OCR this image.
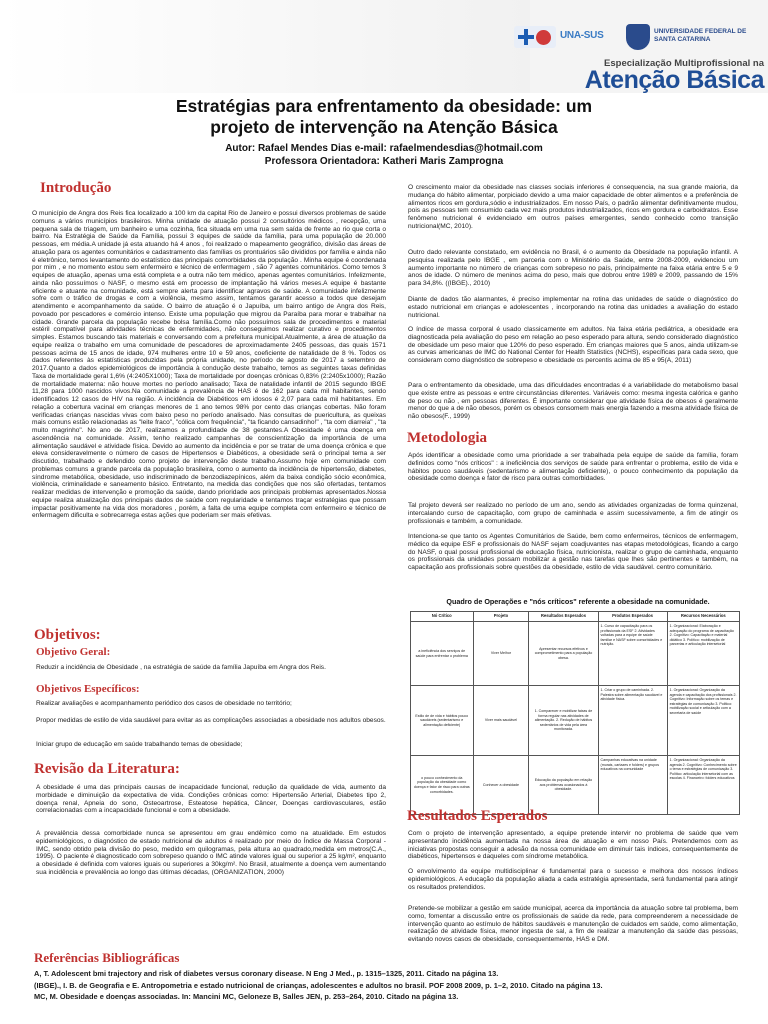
UNA-SUS	UNIVERSIDADE FEDERAL DE SANTA CATARINA
Especialização Multiprofissional na
Atenção Básica
Estratégias para enfrentamento da obesidade: um
projeto de intervenção na Atenção Básica
Autor: Rafael Mendes Dias e-mail: rafaelmendesdias@hotmail.com
Professora Orientadora: Katheri Maris Zamprogna
Introdução
O município de Angra dos Reis fica localizado a 100 km da capital Rio de Janeiro e possui diversos problemas de saúde comuns a vários municípios brasileiros. Minha unidade de atuação possui 2 consultórios médicos , recepção, uma pequena sala de triagem, um banheiro e uma cozinha, fica situada em uma rua sem saída de frente ao rio que corta o bairro. Na Estratégia de Saúde da Família, possui 3 equipes de saúde da família, para uma população de 20.000 pessoas, em média.A unidade já esta atuando há 4 anos , foi realizado o mapeamento geográfico, divisão das áreas de atuação para os agentes comunitários e cadastramento das famílias os prontuários são divididos por família e ainda não é eletrônico, temos levantamento do estatístico das principais comorbidades da população . Minha equipe é coordenada por mim , e no momento estou sem enfermeiro e técnico de enfermagem , são 7 agentes comunitários. Como temos 3 equipes de atuação, apenas uma está completa e a outra não tem médico, apenas agentes comunitários. Infelizmente, ainda não possuímos o NASF, o mesmo está em processo de implantação há vários meses.A equipe é bastante eficiente e atuante na comunidade, está sempre alerta para identificar agravos de saúde. A comunidade infelizmente sofre com o tráfico de drogas e com a violência, mesmo assim, tentamos garantir acesso a todos que desejam atendimento e acompanhamento da saúde. O bairro de atuação é o Japuíba, um bairro antigo de Angra dos Reis, povoado por pescadores e comércio intenso. Existe uma população que migrou da Paraíba para morar e trabalhar na cidade. Grande parcela da população recebe bolsa família.Como não possuímos sala de procedimentos e material estéril compatível para atividades técnicas de enfermidades, não conseguimos realizar curativo e procedimentos simples. Estamos buscando tais materiais e conversando com a prefeitura municipal.Atualmente, a área de atuação da equipe realiza o trabalho em uma comunidade de pescadores de aproximadamente 2405 pessoas, das quais 1571 pessoas acima de 15 anos de idade, 974 mulheres entre 10 e 59 anos, coeficiente de natalidade de 8 %. Todos os dados referentes às estatísticas produzidas pela própria unidade, no período de agosto de 2017 a setembro de 2017.Quanto a dados epidemiológicos de importância à condução deste trabalho, temos as seguintes taxas definidas Taxa de mortalidade geral 1,6% (4:2405X1000); Taxa de mortalidade por doenças crônicas 0,83% (2:2405x1000); Razão de mortalidade materna: não houve mortes no período analisado; Taxa de natalidade infantil de 2015 segundo IBGE 11,28 para 1000 nascidos vivos.Na comunidade a prevalência de HAS é de 162 para cada mil habitantes, sendo identificados 12 casos de HIV na região. A incidência de Diabéticos em idosos é 2,07 para cada mil habitantes. Em relação a cobertura vacinal em crianças menores de 1 ano temos 98% por cento das crianças cobertas. Não foram verificadas crianças nascidas vivas com baixo peso no período analisado. Nas consultas de puericultura, as queixas mais comuns estão relacionadas as "leite fraco", "cólica com frequência", "ta ficando cansadinho!" , "ta com diarreia" , "ta muito magrinho". No ano de 2017, realizamos a profundidade de 38 gestantes.A Obesidade é uma doença em ascendência na comunidade. Assim, tenho realizado campanhas de conscientização da importância de uma alimentação saudável e atividade física. Devido ao aumento da incidência e por se tratar de uma doença crônica e que eleva consideravelmente o número de casos de Hipertensos e Diabéticos, a obesidade será o principal tema a ser discutido, trabalhado e defendido como projeto de intervenção deste trabalho.Assumo hoje em comunidade com problemas comuns a grande parcela da população brasileira, como o aumento da incidência de hipertensão, diabetes, síndrome metabólica, obesidade, uso indiscriminado de benzodiazepínicos, além da baixa condição sócio econômica, violência, criminalidade e saneamento básico. Entretanto, na medida das condições que nos são ofertadas, tentamos realizar medidas de intervenção e promoção da saúde, dando prioridade aos principais problemas apresentados.Nossa equipe realiza atualização dos principais dados de saúde com regularidade e tentamos traçar estratégias que possam impactar positivamente na vida dos moradores , porém, a falta de uma equipe completa com enfermeiro e técnico de enfermagem dificulta e sobrecarrega estas ações que poderiam ser mais efetivas.
Objetivos:
Objetivo Geral:
Reduzir a incidência de Obesidade , na estratégia de saúde da família Japuíba em Angra dos Reis.
Objetivos Específicos:
Realizar avaliações e acompanhamento periódico dos casos de obesidade no território;
Propor medidas de estilo de vida saudável para evitar as as complicações associadas a obesidade nos adultos obesos.
Iniciar grupo de educação em saúde trabalhando temas de obesidade;
Revisão da Literatura:
A obesidade é uma das principais causas de incapacidade funcional, redução da qualidade de vida, aumento da morbidade e diminuição da expectativa de vida. Condições crônicas como: Hipertensão Arterial, Diabetes tipo 2, doença renal, Apneia do sono, Osteoartrose, Esteatose hepática, Câncer, Doenças cardiovasculares, estão correlacionadas com a incapacidade funcional e com a obesidade.
A prevalência dessa comorbidade nunca se apresentou em grau endêmico como na atualidade. Em estudos epidemiológicos, o diagnóstico de estado nutricional de adultos é realizado por meio do Índice de Massa Corporal - IMC, sendo obtido pela divisão do peso, medido em quilogramas, pela altura ao quadrado,medida em metros(C.A., 1995). O paciente é diagnosticado com sobrepeso quando o IMC atinde valores igual ou superior a 25 kg/m², enquanto a obesidade é definida com valores iguais ou superiores a 30kg/m². No Brasil, atualmente a doença vem aumentando sua incidência e prevalência ao longo das últimas décadas, (ORGANIZATION, 2000)
Referências Bibliográficas
A, T. Adolescent bmi trajectory and risk of diabetes versus coronary disease. N Eng J Med., p. 1315–1325, 2011. Citado na página 13.
(IBGE)., I. B. de Geografia e E. Antropometria e estado nutricional de crianças, adolescentes e adultos no brasil. POF 2008 2009, p. 1–2, 2010. Citado na página 13.
MC, M. Obesidade e doenças associadas. In: Mancini MC, Geloneze B, Salles JEN, p. 253–264, 2010. Citado na página 13.
O crescimento maior da obesidade nas classes sociais inferiores é consequencia, na sua grande maioria, da mudança do hábito alimentar, porpiciado devido a uma maior capacidade de obter alimentos e a preferência de alimentos ricos em gordura,sódio e industrializados. Em nosso País, o padrão alimentar definitivamente mudou, pois as pessoas tem consumido cada vez mais produtos industrializados, ricos em gordura e carboidratos. Esse fenômeno nutricional é evidenciado em outros países emergentes, sendo conhecido como transição nutricional(MC, 2010).
Outro dado relevante constatado, em evidência no Brasil, é o aumento da Obesidade na população infantil. A pesquisa realizada pelo IBGE , em parceria com o Ministério da Saúde, entre 2008-2009, evidenciou um aumento importante no número de crianças com sobrepeso no país, principalmente na faixa etária entre 5 e 9 anos de idade. O número de meninos acima do peso, mais que dobrou entre 1989 e 2009, passando de 15% para 34,8%. ((IBGE)., 2010)
Diante de dados tão alarmantes, é preciso implementar na rotina das unidades de saúde o diagnóstico do estado nutricional em crianças e adolescentes , incorporando na rotina das unidades a avaliação do estado nutricional.
O índice de massa corporal é usado classicamente em adultos. Na faixa etária pediátrica, a obesidade era diagnosticada pela avaliação do peso em relação ao peso esperado para altura, sendo considerado diagnóstico de obesidade um peso maior que 120% do peso esperado. Em crianças maiores que 5 anos, ainda utilizam-se as curvas americanas de IMC do National Center for Health Statistics (NCHS), específicas para cada sexo, que consideram como diagnóstico de sobrepeso e obesidade os percentis acima de 85 e 95(A, 2011)
Para o enfrentamento da obesidade, uma das dificuldades encontradas é a variabilidade do metabolismo basal que existe entre as pessoas e entre circunstâncias diferentes. Variáveis como: mesma ingesta calórica e ganho de peso ou não , em pessoas diferentes. É importante considerar que atividade física de obesos é geralmente menor do que a de não obesos, porém os obesos consomem mais energia fazendo a mesma atividade física de não obesos(F., 1999)
Metodologia
Após identificar a obesidade como uma prioridade a ser trabalhada pela equipe de saúde da família, foram definidos como "nós críticos" : a ineficiência dos serviços de saúde para enfrentar o problema, estilo de vida e hábitos pouco saudáveis (sedentarismo e alimentação deficiente), o pouco conhecimento da população da obesidade como doença e fator de risco para outras comorbidades.
Tal projeto deverá ser realizado no período de um ano, sendo as atividades organizadas de forma quinzenal, intercalando curso de capacitação, com grupo de caminhada e assim sucessivamente, a fim de atingir os profissionais e também, a comunidade.
Intenciona-se que tanto os Agentes Comunitários de Saúde, bem como enfermeiros, técnicos de enfermagem, médico da equipe ESF e profissionais do NASF sejam coadjuvantes nas etapas metodológicas, ficando a cargo do NASF, o qual possui profissional de educação física, nutricionista, realizar o grupo de caminhada, enquanto os profissionais da unidades possam mobilizar a gestão nas tarefas que lhes são pertinentes e também, na capacitação aos profissionais sobre questões da obesidade, estilo de vida saudável. centro comunitário.
Quadro de Operações e "nós críticos" referente a obesidade na comunidade.
Nó Crítico	Projeto	Resultados Esperados	Produtos Esperados	Recursos Necessários
a ineficiência dos serviços de saúde para enfrentar o problema	Viver Melhor	Apresentar recursos efetivos e comprometimento para a população obesa.	1. Curso de capacitação para os profissionais da ESF 2. Atividades voltadas para a equipe de saúde familiar e NASF sobre comorbidades e nutrição.	1. Organizacional: Elaboração e adequação do programa de capacitação 2. Cognitivo: Capacitação e material didático 3. Político: mobilização de parcerias e articulação intersetorial
Estilo de de vida e hábitos pouco saudáveis (sedentarismo e alimentação deficiente)	Viver mais saudável	1. Comparecer e mobilizar faixas de forma regular nas atividades de alimentação. 2. Redução de hábitos sedentários de vida pela área monitorada.	1. Criar o grupo de caminhada. 2. Palestra sobre alimentação saudável e atividade física.	1. Organizacional: Organização da agenda e capacitação dos profissionais 2. Cognitivo: Informação sobre os temas e estratégias de comunicação 3. Político: mobilização social e articulação com a secretaria de saúde
o pouco conhecimento da população da obesidade como doença e fator de risco para outras comorbidades.	Conhecer a obesidade	Educação da população em relação aos problemas ocasionados à obesidade.	Campanhas educativas na unidade (murais, cartazes e folders) e grupos educativos na comunidade	1. Organizacional: Organização da agenda 2. Cognitivo: Conhecimento sobre o tema e estratégias de comunicação 3. Político: articulação intersetorial com as escolas 4. Financeiro: folders educativos
Resultados Esperados
Com o projeto de intervenção apresentado, a equipe pretende intervir no problema de saúde que vem apresentando incidência aumentada na nossa área de atuação e em nosso País. Pretendemos com as iniciativas propostas conseguir a adesão da nossa comunidade em diminuir tais índices, consequentemente de diabéticos, hipertensos e daqueles com síndrome metabólica.
O envolvimento da equipe multidisciplinar é fundamental para o sucesso e melhora dos nossos índices epidemiológicos. A educação da população aliada a cada estratégia apresentada, será fundamental para atingir os resultados pretendidos.
Pretende-se mobilizar a gestão em saúde municipal, acerca da importância da atuação sobre tal problema, bem como, fomentar a discussão entre os profissionais de saúde da rede, para compreenderem a necessidade de intervenção quanto ao estímulo de hábitos saudáveis e manutenção de cuidados em saúde, como alimentação, realização de atividade física, menor ingesta de sal, a fim de realizar a manutenção da saúde das pessoas, evitando novos casos de obesidade, consequentemente, HAS e DM.
